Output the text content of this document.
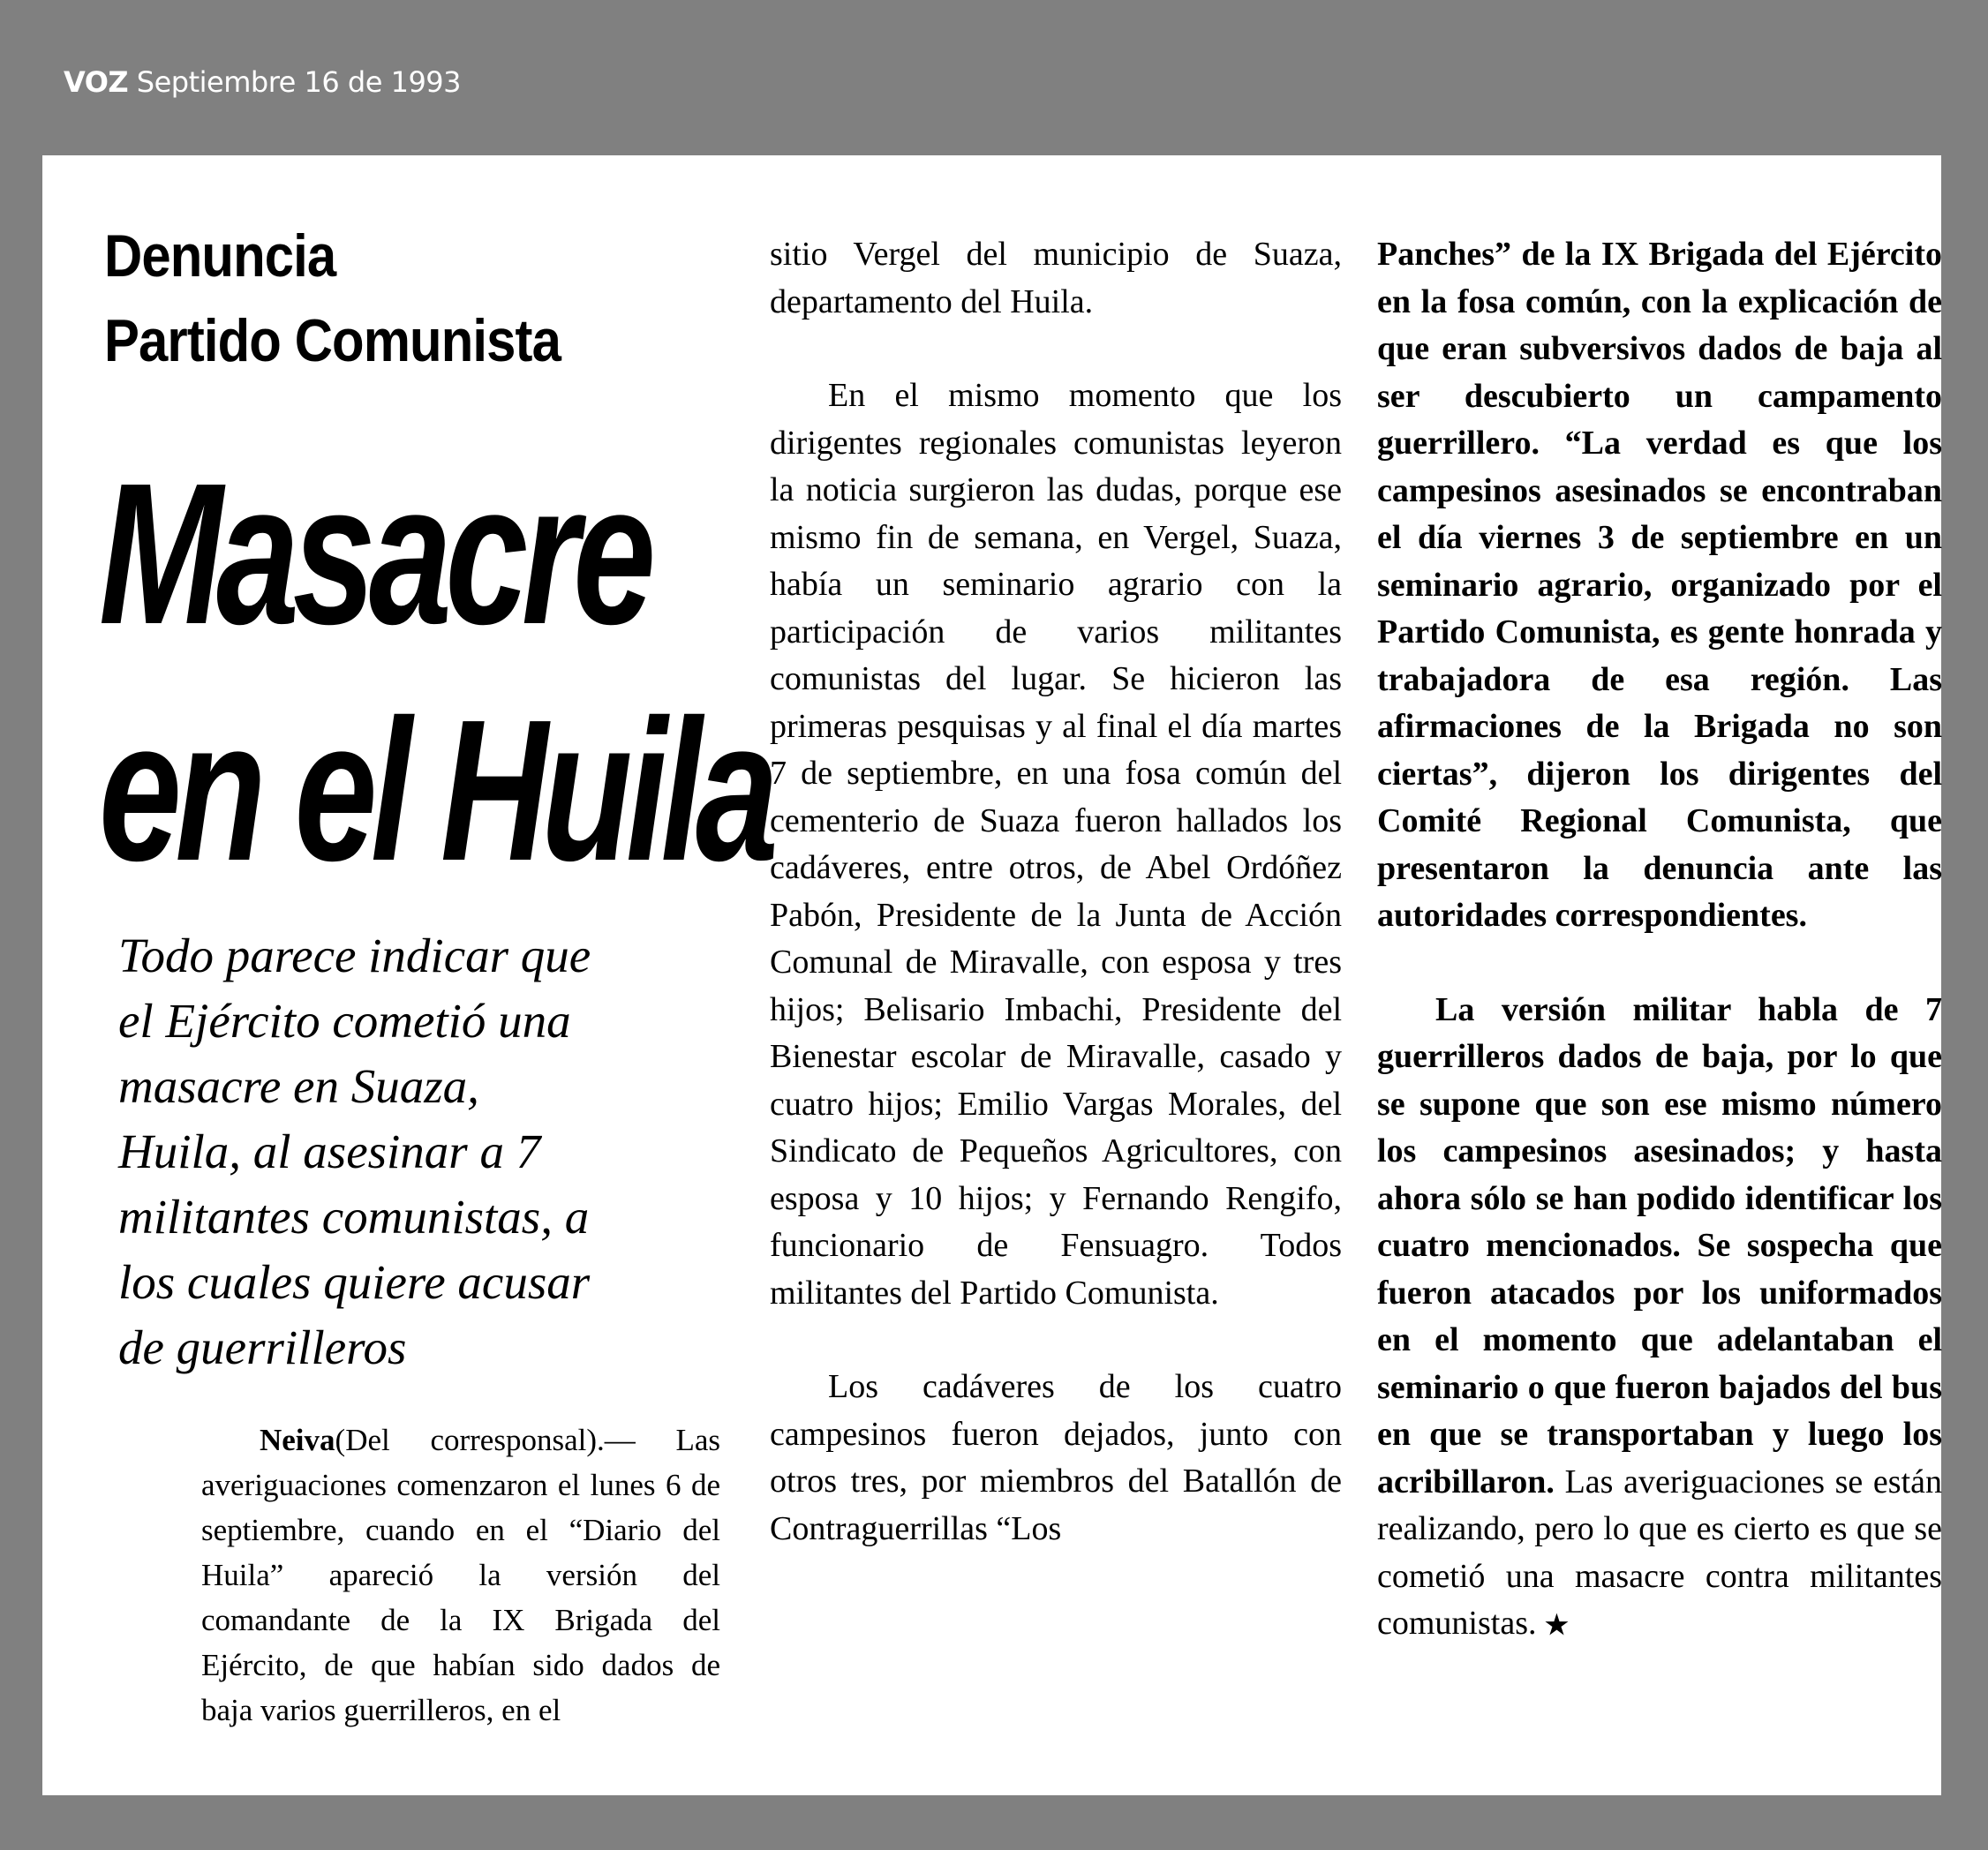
VOZ Septiembre 16 de 1993
Denuncia
Partido Comunista
Masacre
en el Huila
Todo parece indicar que
el Ejército cometió una
masacre en Suaza,
Huila, al asesinar a 7
militantes comunistas, a
los cuales quiere acusar
de guerrilleros

Neiva(Del corresponsal).— Las averiguaciones comenzaron el lunes 6 de septiembre, cuando en el “Diario del Huila” apareció la versión del comandante de la IX Brigada del Ejército, de que habían sido dados de baja varios guerrilleros, en el

sitio Vergel del municipio de Suaza, departamento del Huila.

En el mismo momento que los dirigentes regionales comunistas leyeron la noticia surgieron las dudas, porque ese mismo fin de semana, en Vergel, Suaza, había un seminario agrario con la participación de varios militantes comunistas del lugar. Se hicieron las primeras pesquisas y al final el día martes 7 de septiembre, en una fosa común del cementerio de Suaza fueron hallados los cadáveres, entre otros, de Abel Ordóñez Pabón, Presidente de la Junta de Acción Comunal de Miravalle, con esposa y tres hijos; Belisario Imbachi, Presidente del Bienestar escolar de Miravalle, casado y cuatro hijos; Emilio Vargas Morales, del Sindicato de Pequeños Agricultores, con esposa y 10 hijos; y Fernando Rengifo, funcionario de Fensuagro. Todos militantes del Partido Comunista.

Los cadáveres de los cuatro campesinos fueron dejados, junto con otros tres, por miembros del Batallón de Contraguerrillas “Los

Panches” de la IX Brigada del Ejército en la fosa común, con la explicación de que eran subversivos dados de baja al ser descubierto un campamento guerrillero. “La verdad es que los campesinos asesinados se encontraban el día viernes 3 de septiembre en un seminario agrario, organizado por el Partido Comunista, es gente honrada y trabajadora de esa región. Las afirmaciones de la Brigada no son ciertas”, dijeron los dirigentes del Comité Regional Comunista, que presentaron la denuncia ante las autoridades correspondientes.

La versión militar habla de 7 guerrilleros dados de baja, por lo que se supone que son ese mismo número los campesinos asesinados; y hasta ahora sólo se han podido identificar los cuatro mencionados. Se sospecha que fueron atacados por los uniformados en el momento que adelantaban el seminario o que fueron bajados del bus en que se transportaban y luego los acribillaron. Las averiguaciones se están realizando, pero lo que es cierto es que se cometió una masacre contra militantes comunistas. ★
